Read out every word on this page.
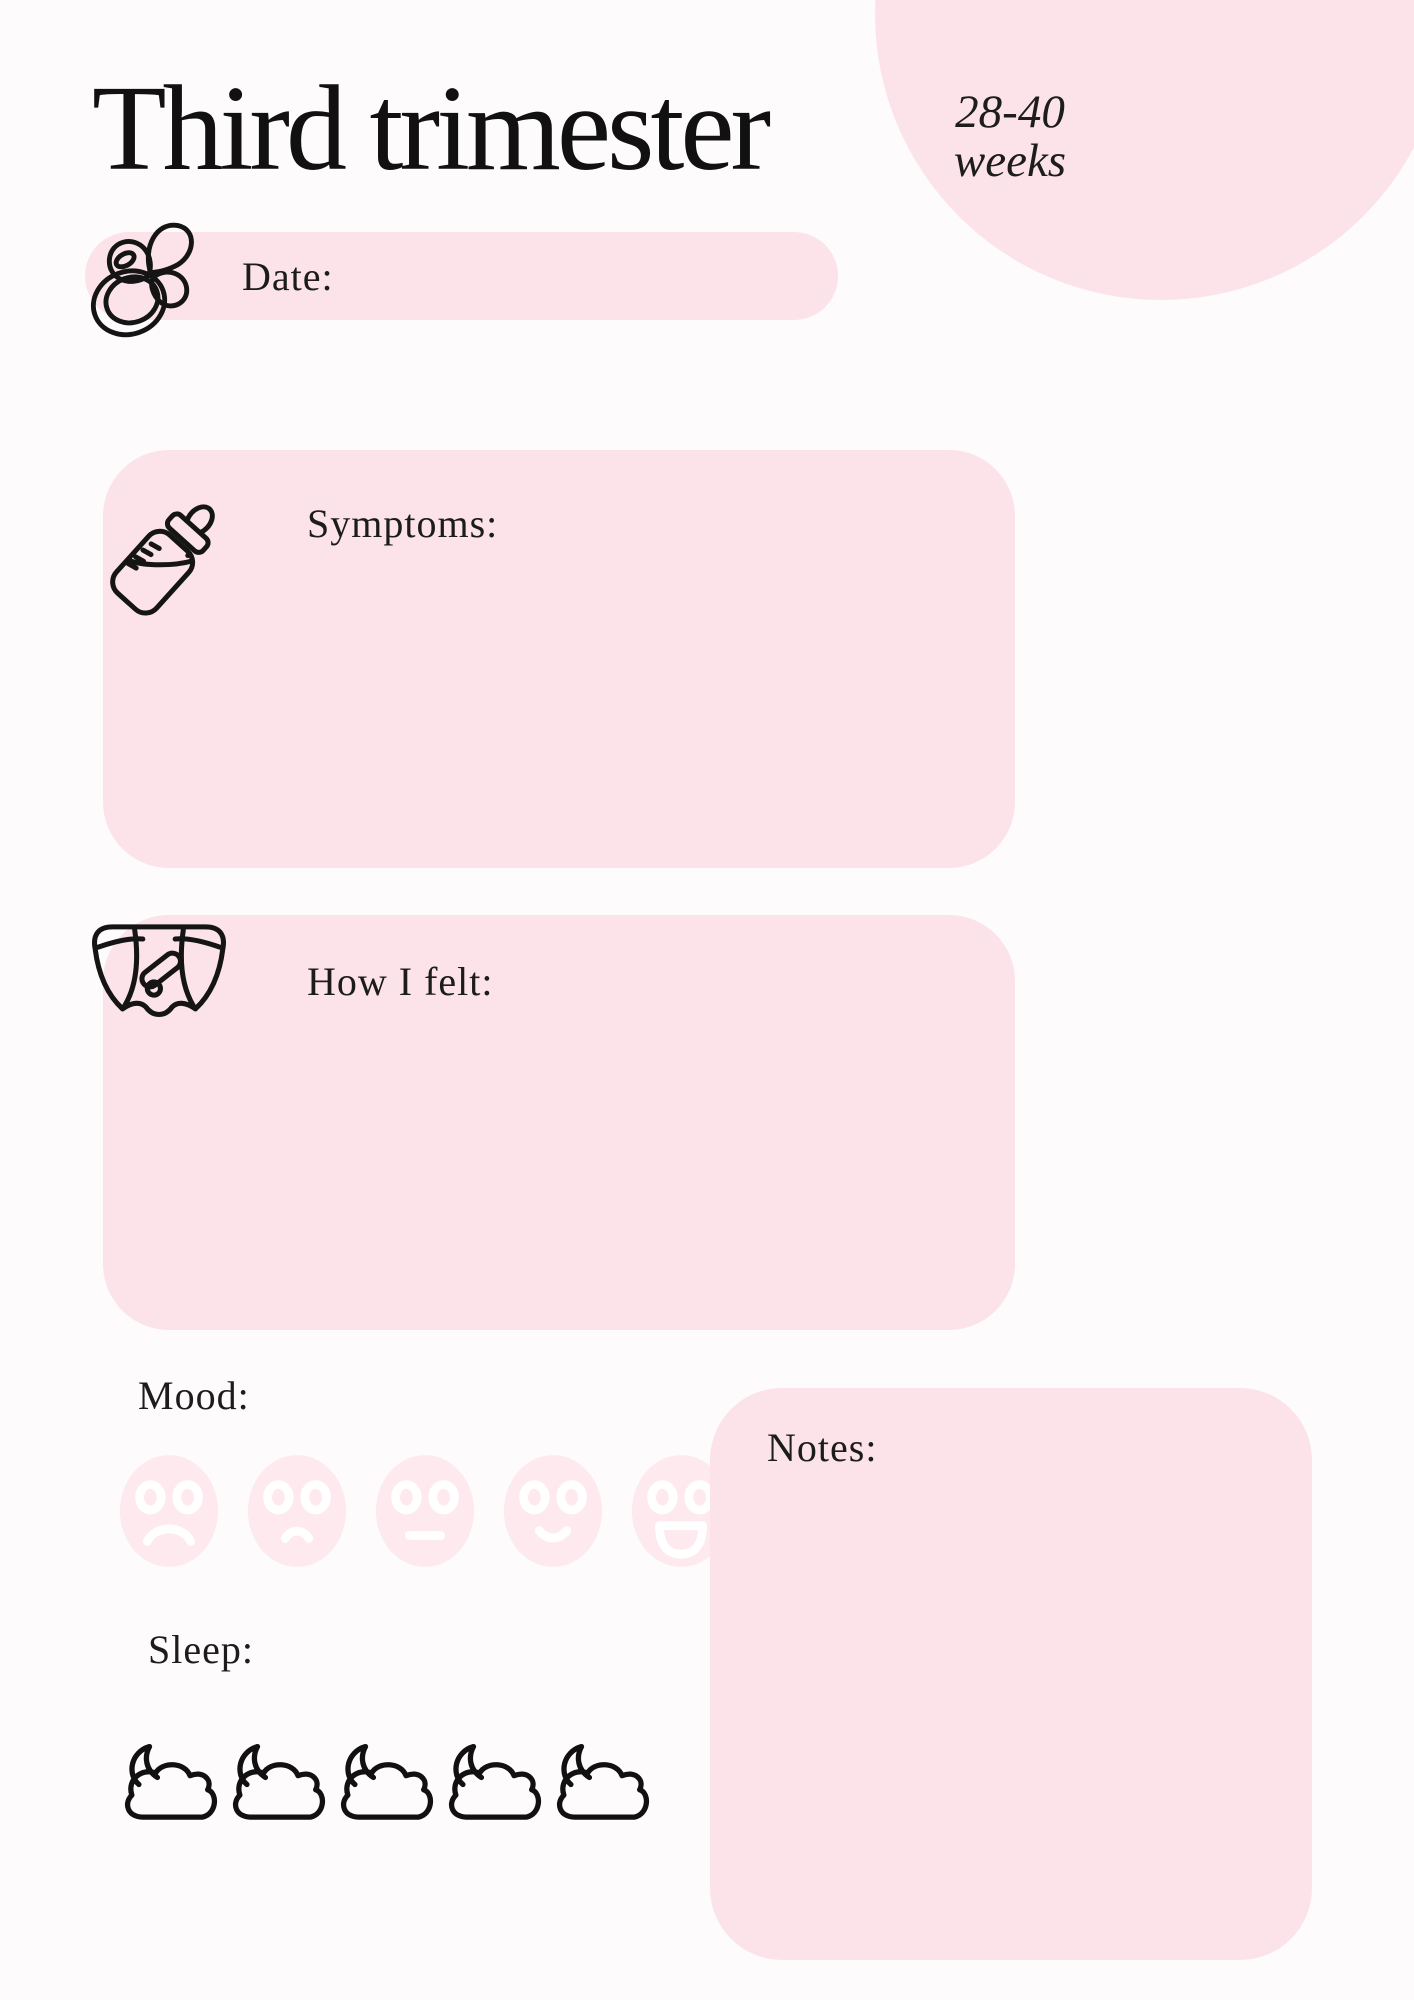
Third trimester	28-40
weeks
Date:
Symptoms:
How I felt:
Mood:
Sleep:
Notes:
